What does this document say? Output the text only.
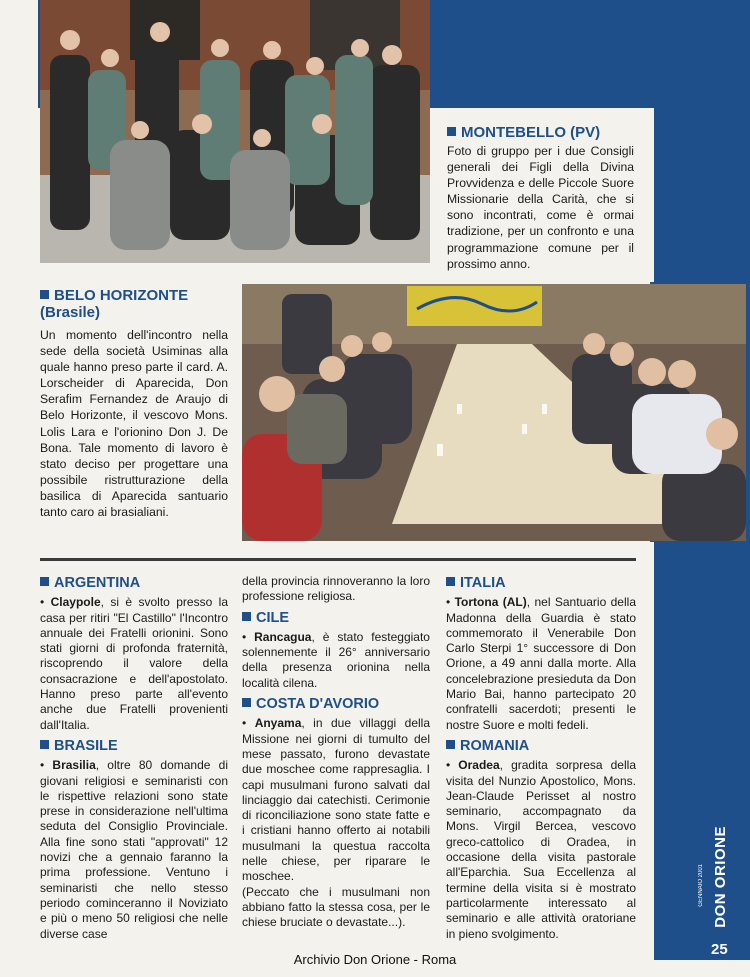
MONTEBELLO (PV)

Foto di gruppo per i due Consigli generali dei Figli della Divina Provvidenza e delle Piccole Suore Missionarie della Carità, che si sono incontrati, come è ormai tradizione, per un confronto e una programmazione comune per il prossimo anno.

BELO HORIZONTE
(Brasile)

Un momento dell'incontro nella sede della società Usiminas alla quale hanno preso parte il card. A. Lorscheider di Aparecida, Don Serafim Fernandez de Araujo di Belo Horizonte, il vescovo Mons. Lolis Lara e l'orionino Don J. De Bona. Tale momento di lavoro è stato deciso per progettare una possibile ristrutturazione della basilica di Aparecida santuario tanto caro ai brasialiani.

ARGENTINA

• Claypole, si è svolto presso la casa per ritiri "El Castillo" l'Incontro annuale dei Fratelli orionini. Sono stati giorni di profonda fraternità, riscoprendo il valore della consacrazione e dell'apostolato. Hanno preso parte all'evento anche due Fratelli provenienti dall'Italia.

BRASILE

• Brasilia, oltre 80 domande di giovani religiosi e seminaristi con le rispettive relazioni sono state prese in considerazione nell'ultima seduta del Consiglio Provinciale. Alla fine sono stati "approvati" 12 novizi che a gennaio faranno la prima professione. Ventuno i seminaristi che nello stesso periodo cominceranno il Noviziato e più o meno 50 religiosi che nelle diverse case

della provincia rinnoveranno la loro professione religiosa.

CILE

• Rancagua, è stato festeggiato solennemente il 26° anniversario della presenza orionina nella località cilena.

COSTA D'AVORIO

• Anyama, in due villaggi della Missione nei giorni di tumulto del mese passato, furono devastate due moschee come rappresaglia. I capi musulmani furono salvati dal linciaggio dai catechisti. Cerimonie di riconciliazione sono state fatte e i cristiani hanno offerto ai notabili musulmani la questua raccolta nelle chiese, per riparare le moschee.

(Peccato che i musulmani non abbiano fatto la stessa cosa, per le chiese bruciate o devastate...).

ITALIA

• Tortona (AL), nel Santuario della Madonna della Guardia è stato commemorato il Venerabile Don Carlo Sterpi 1° successore di Don Orione, a 49 anni dalla morte. Alla concelebrazione presieduta da Don Mario Bai, hanno partecipato 20 confratelli sacerdoti; presenti le nostre Suore e molti fedeli.

ROMANIA

• Oradea, gradita sorpresa della visita del Nunzio Apostolico, Mons. Jean-Claude Perisset al nostro seminario, accompagnato da Mons. Virgil Bercea, vescovo greco-cattolico di Oradea, in occasione della visita pastorale all'Eparchia. Sua Eccellenza al termine della visita si è mostrato particolarmente interessato al seminario e alle attività oratoriane in pieno svolgimento.

DON ORIONE
GENNAIO 2001
25
Archivio Don Orione - Roma
